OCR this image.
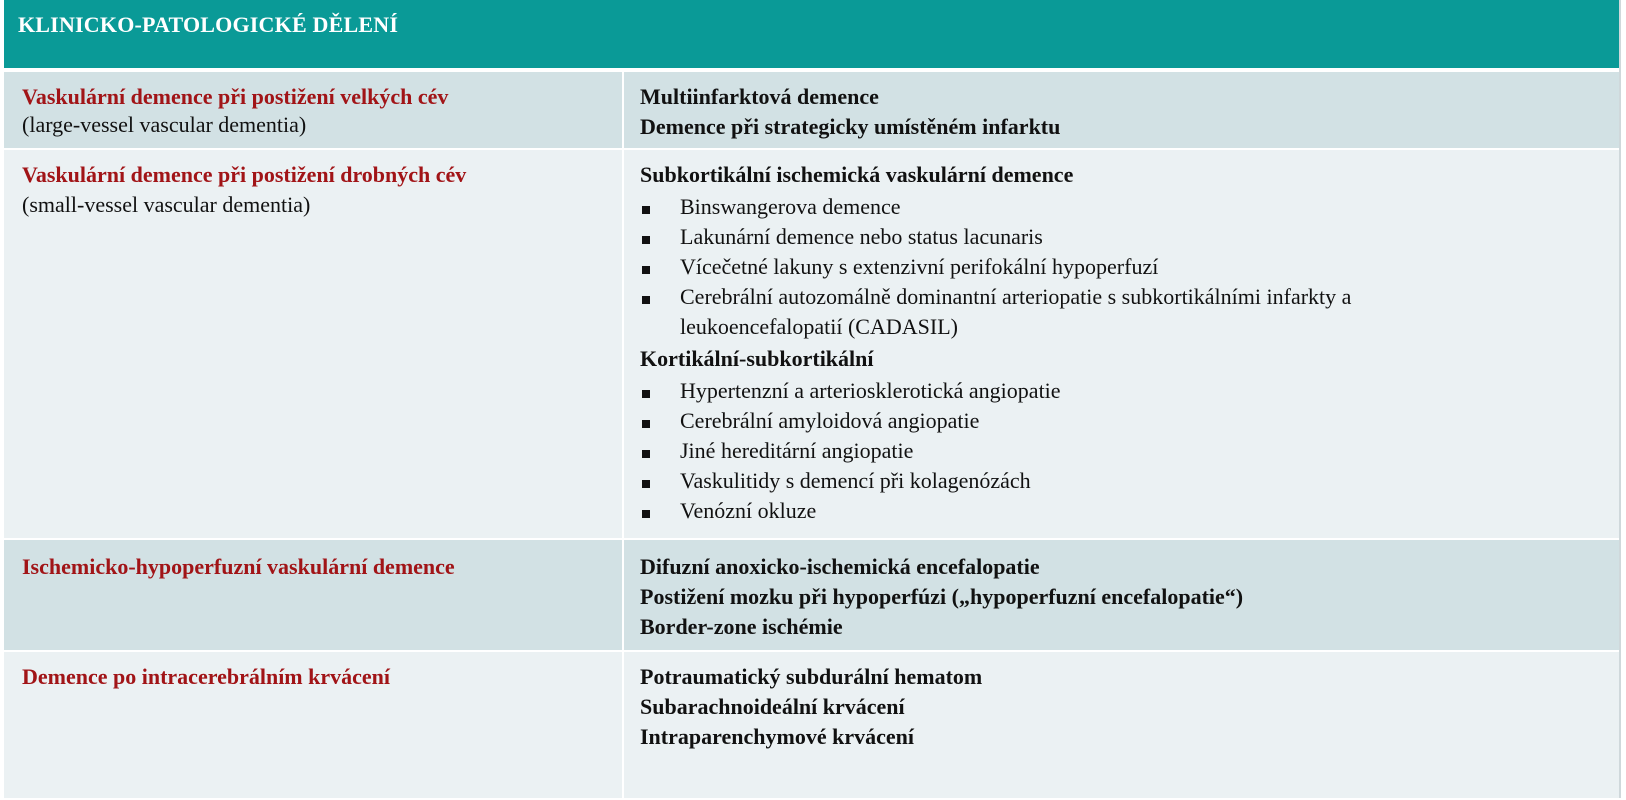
KLINICKO-PATOLOGICKÉ DĚLENÍ
Vaskulární demence při postižení velkých cév
(large-vessel vascular dementia)
Multiinfarktová demence
Demence při strategicky umístěném infarktu
Vaskulární demence při postižení drobných cév
(small-vessel vascular dementia)
Subkortikální ischemická vaskulární demence
Binswangerova demence
Lakunární demence nebo status lacunaris
Vícečetné lakuny s extenzivní perifokální hypoperfuzí
Cerebrální autozomálně dominantní arteriopatie s subkortikálními infarkty a
leukoencefalopatií (CADASIL)
Kortikální-subkortikální
Hypertenzní a arteriosklerotická angiopatie
Cerebrální amyloidová angiopatie
Jiné hereditární angiopatie
Vaskulitidy s demencí při kolagenózách
Venózní okluze
Ischemicko-hypoperfuzní vaskulární demence	Difuzní anoxicko-ischemická encefalopatie
Postižení mozku při hypoperfúzi („hypoperfuzní encefalopatie“)
Border-zone ischémie
Demence po intracerebrálním krvácení	Potraumatický subdurální hematom
Subarachnoideální krvácení
Intraparenchymové krvácení
